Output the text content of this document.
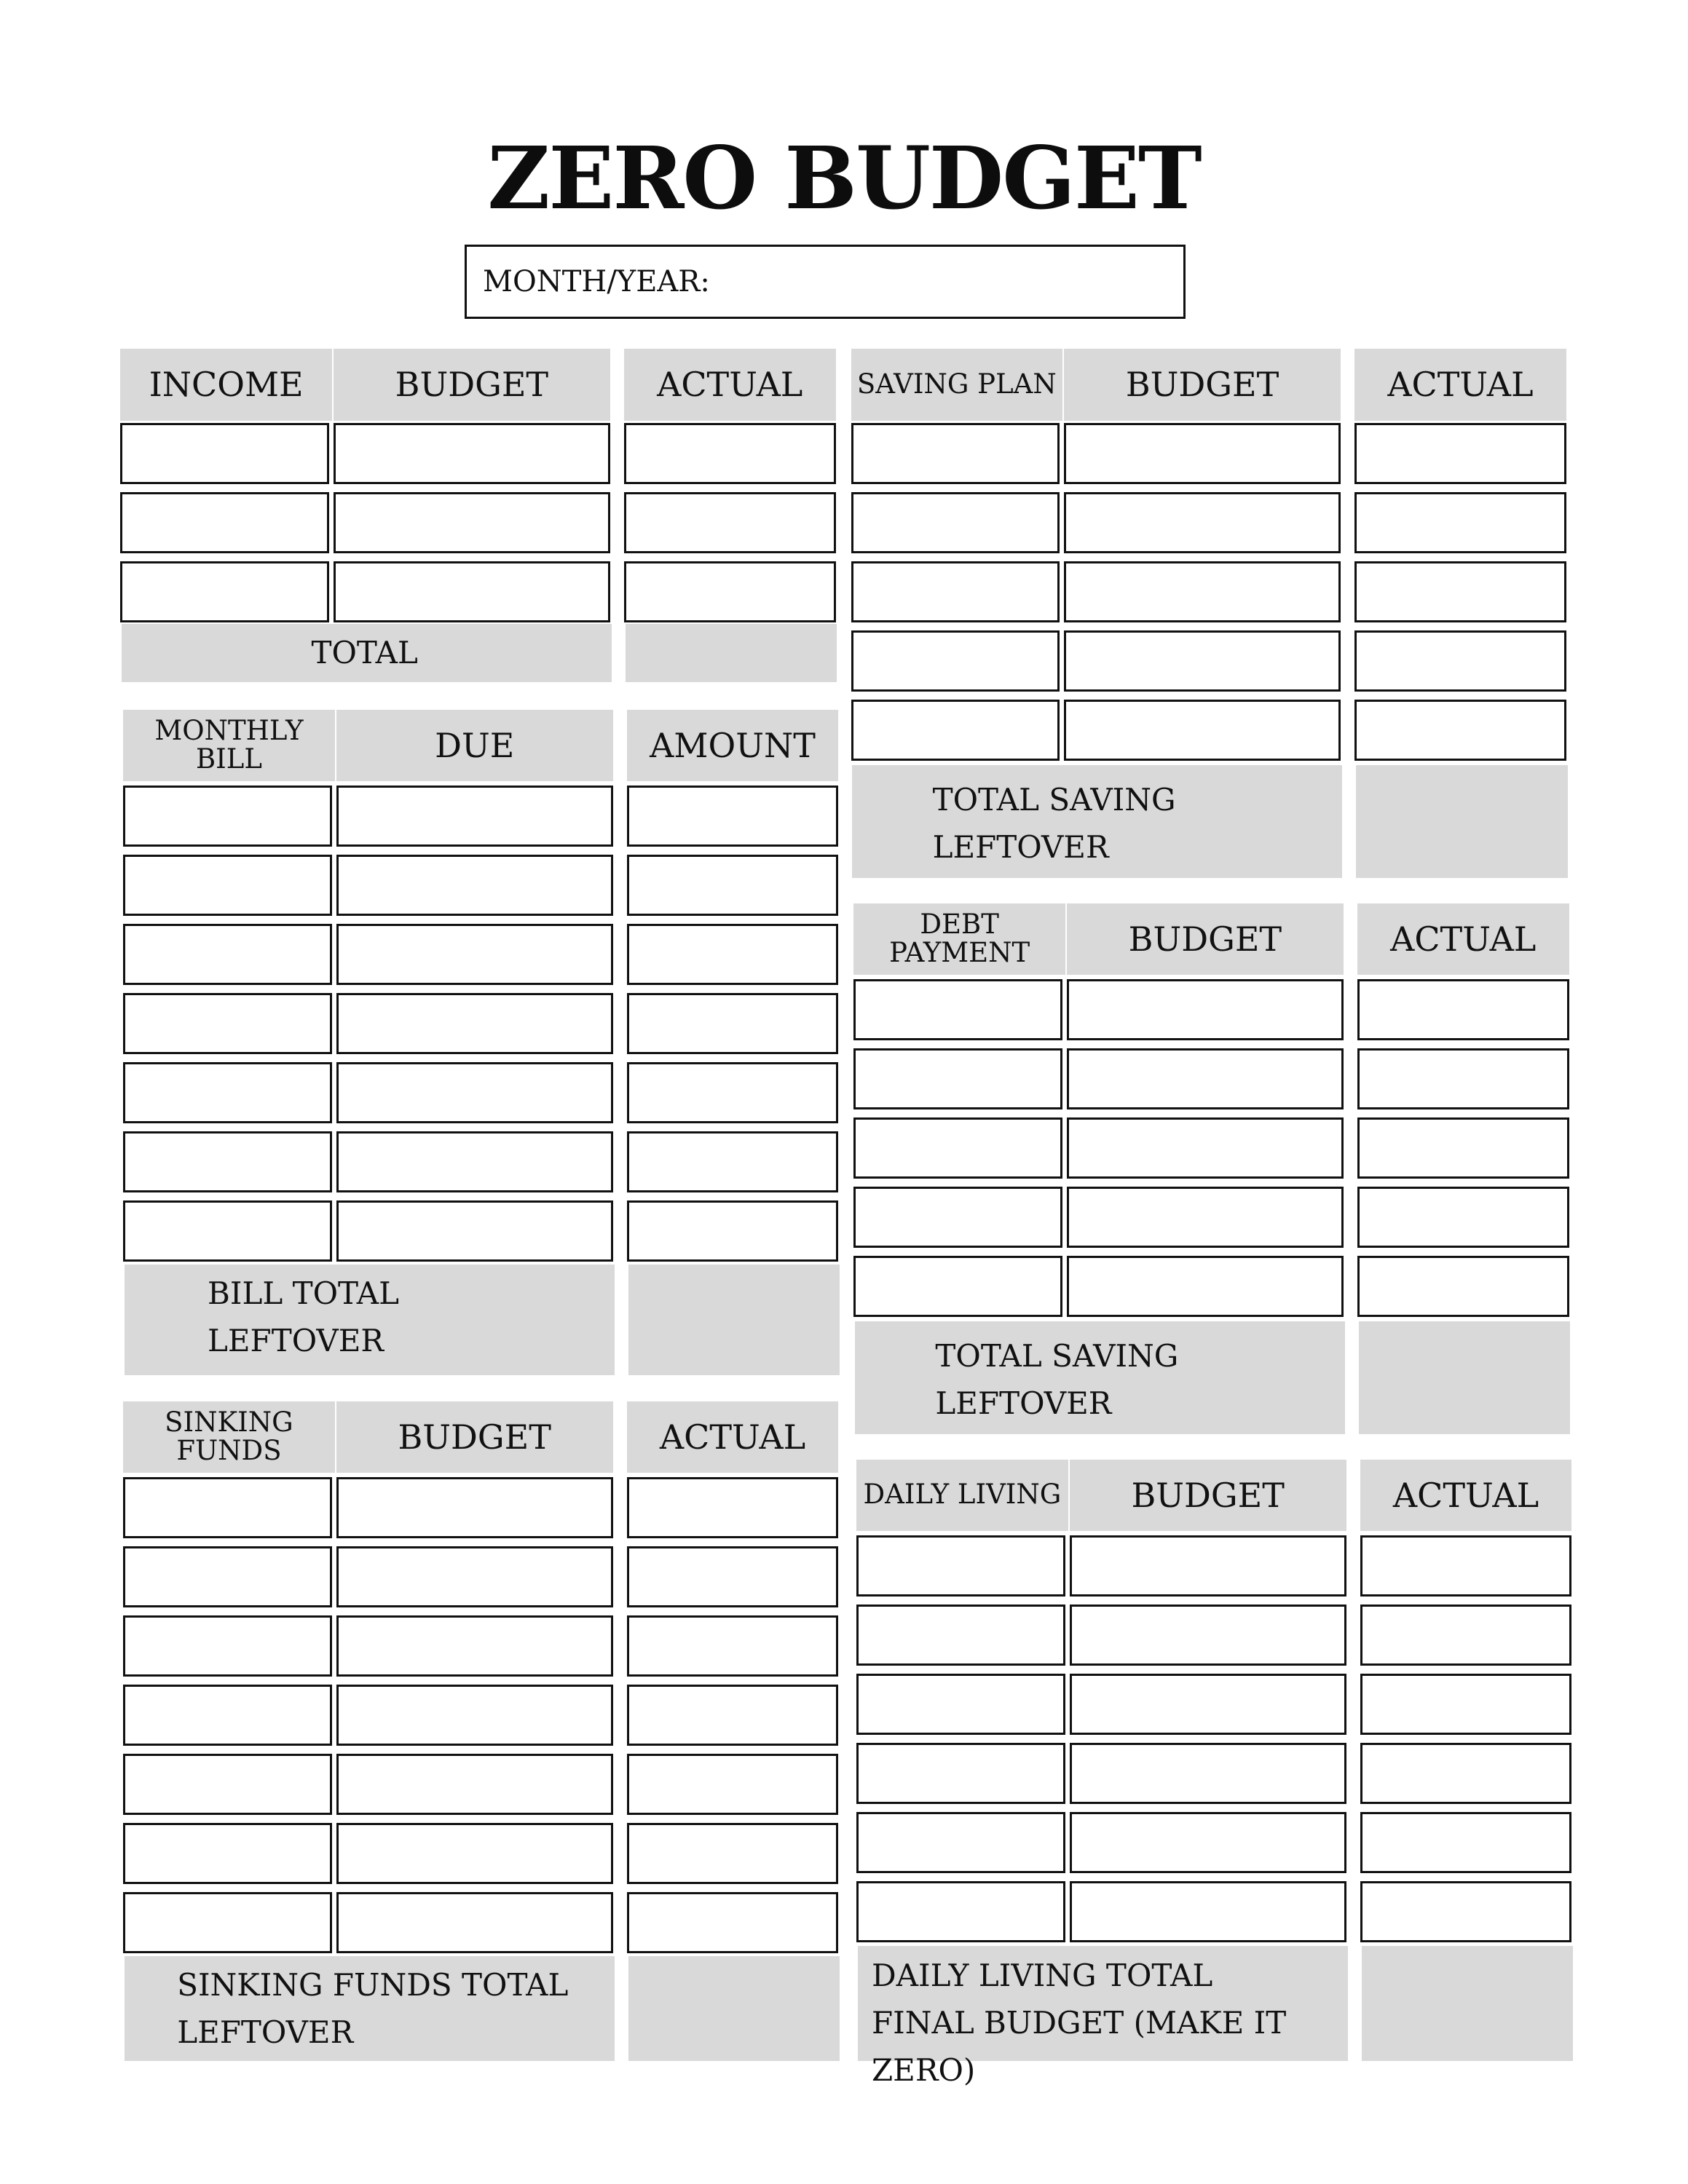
ZERO BUDGET
MONTH/YEAR:
INCOME	BUDGET	ACTUAL
TOTAL
MONTHLY BILL	DUE	AMOUNT
BILL TOTAL
LEFTOVER
SINKING FUNDS	BUDGET	ACTUAL
SINKING FUNDS TOTAL
LEFTOVER
SAVING PLAN	BUDGET	ACTUAL
TOTAL SAVING
LEFTOVER
DEBT PAYMENT	BUDGET	ACTUAL
TOTAL SAVING
LEFTOVER
DAILY LIVING	BUDGET	ACTUAL
DAILY LIVING TOTAL
FINAL BUDGET (MAKE IT ZERO)
